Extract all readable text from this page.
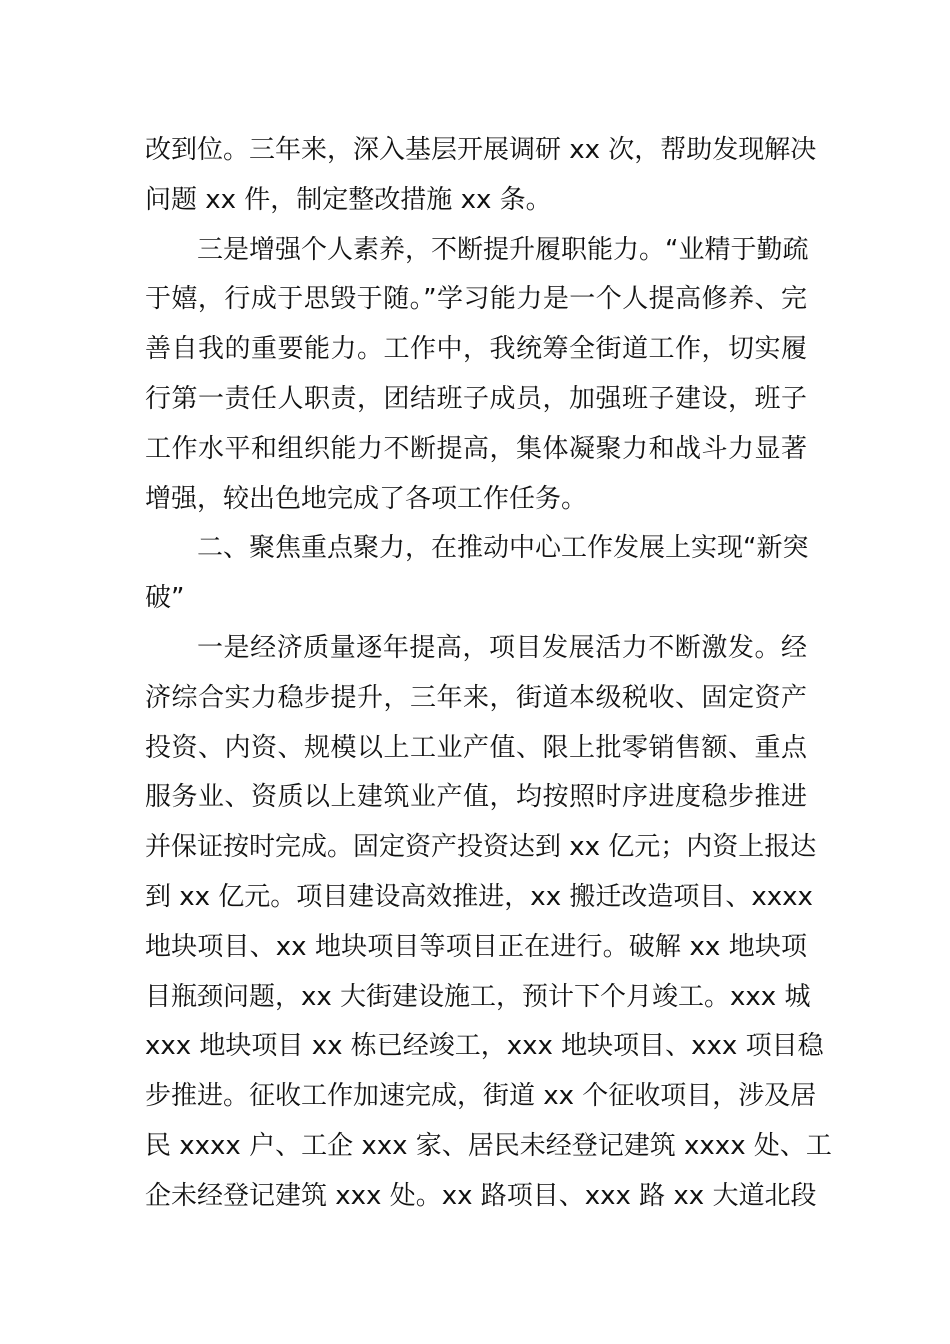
改到位。三年来，深入基层开展调研 xx 次，帮助发现解决
问题 xx 件，制定整改措施 xx 条。
三是增强个人素养，不断提升履职能力。“业精于勤疏
于嬉，行成于思毁于随。”学习能力是一个人提高修养、完
善自我的重要能力。工作中，我统筹全街道工作，切实履
行第一责任人职责，团结班子成员，加强班子建设，班子
工作水平和组织能力不断提高，集体凝聚力和战斗力显著
增强，较出色地完成了各项工作任务。
二、聚焦重点聚力，在推动中心工作发展上实现“新突
破”
一是经济质量逐年提高，项目发展活力不断激发。经
济综合实力稳步提升，三年来，街道本级税收、固定资产
投资、内资、规模以上工业产值、限上批零销售额、重点
服务业、资质以上建筑业产值，均按照时序进度稳步推进
并保证按时完成。固定资产投资达到 xx 亿元；内资上报达
到 xx 亿元。项目建设高效推进，xx 搬迁改造项目、xxxx
地块项目、xx 地块项目等项目正在进行。破解 xx 地块项
目瓶颈问题，xx 大街建设施工，预计下个月竣工。xxx 城
xxx 地块项目 xx 栋已经竣工，xxx 地块项目、xxx 项目稳
步推进。征收工作加速完成，街道 xx 个征收项目，涉及居
民 xxxx 户、工企 xxx 家、居民未经登记建筑 xxxx 处、工
企未经登记建筑 xxx 处。xx 路项目、xxx 路 xx 大道北段
